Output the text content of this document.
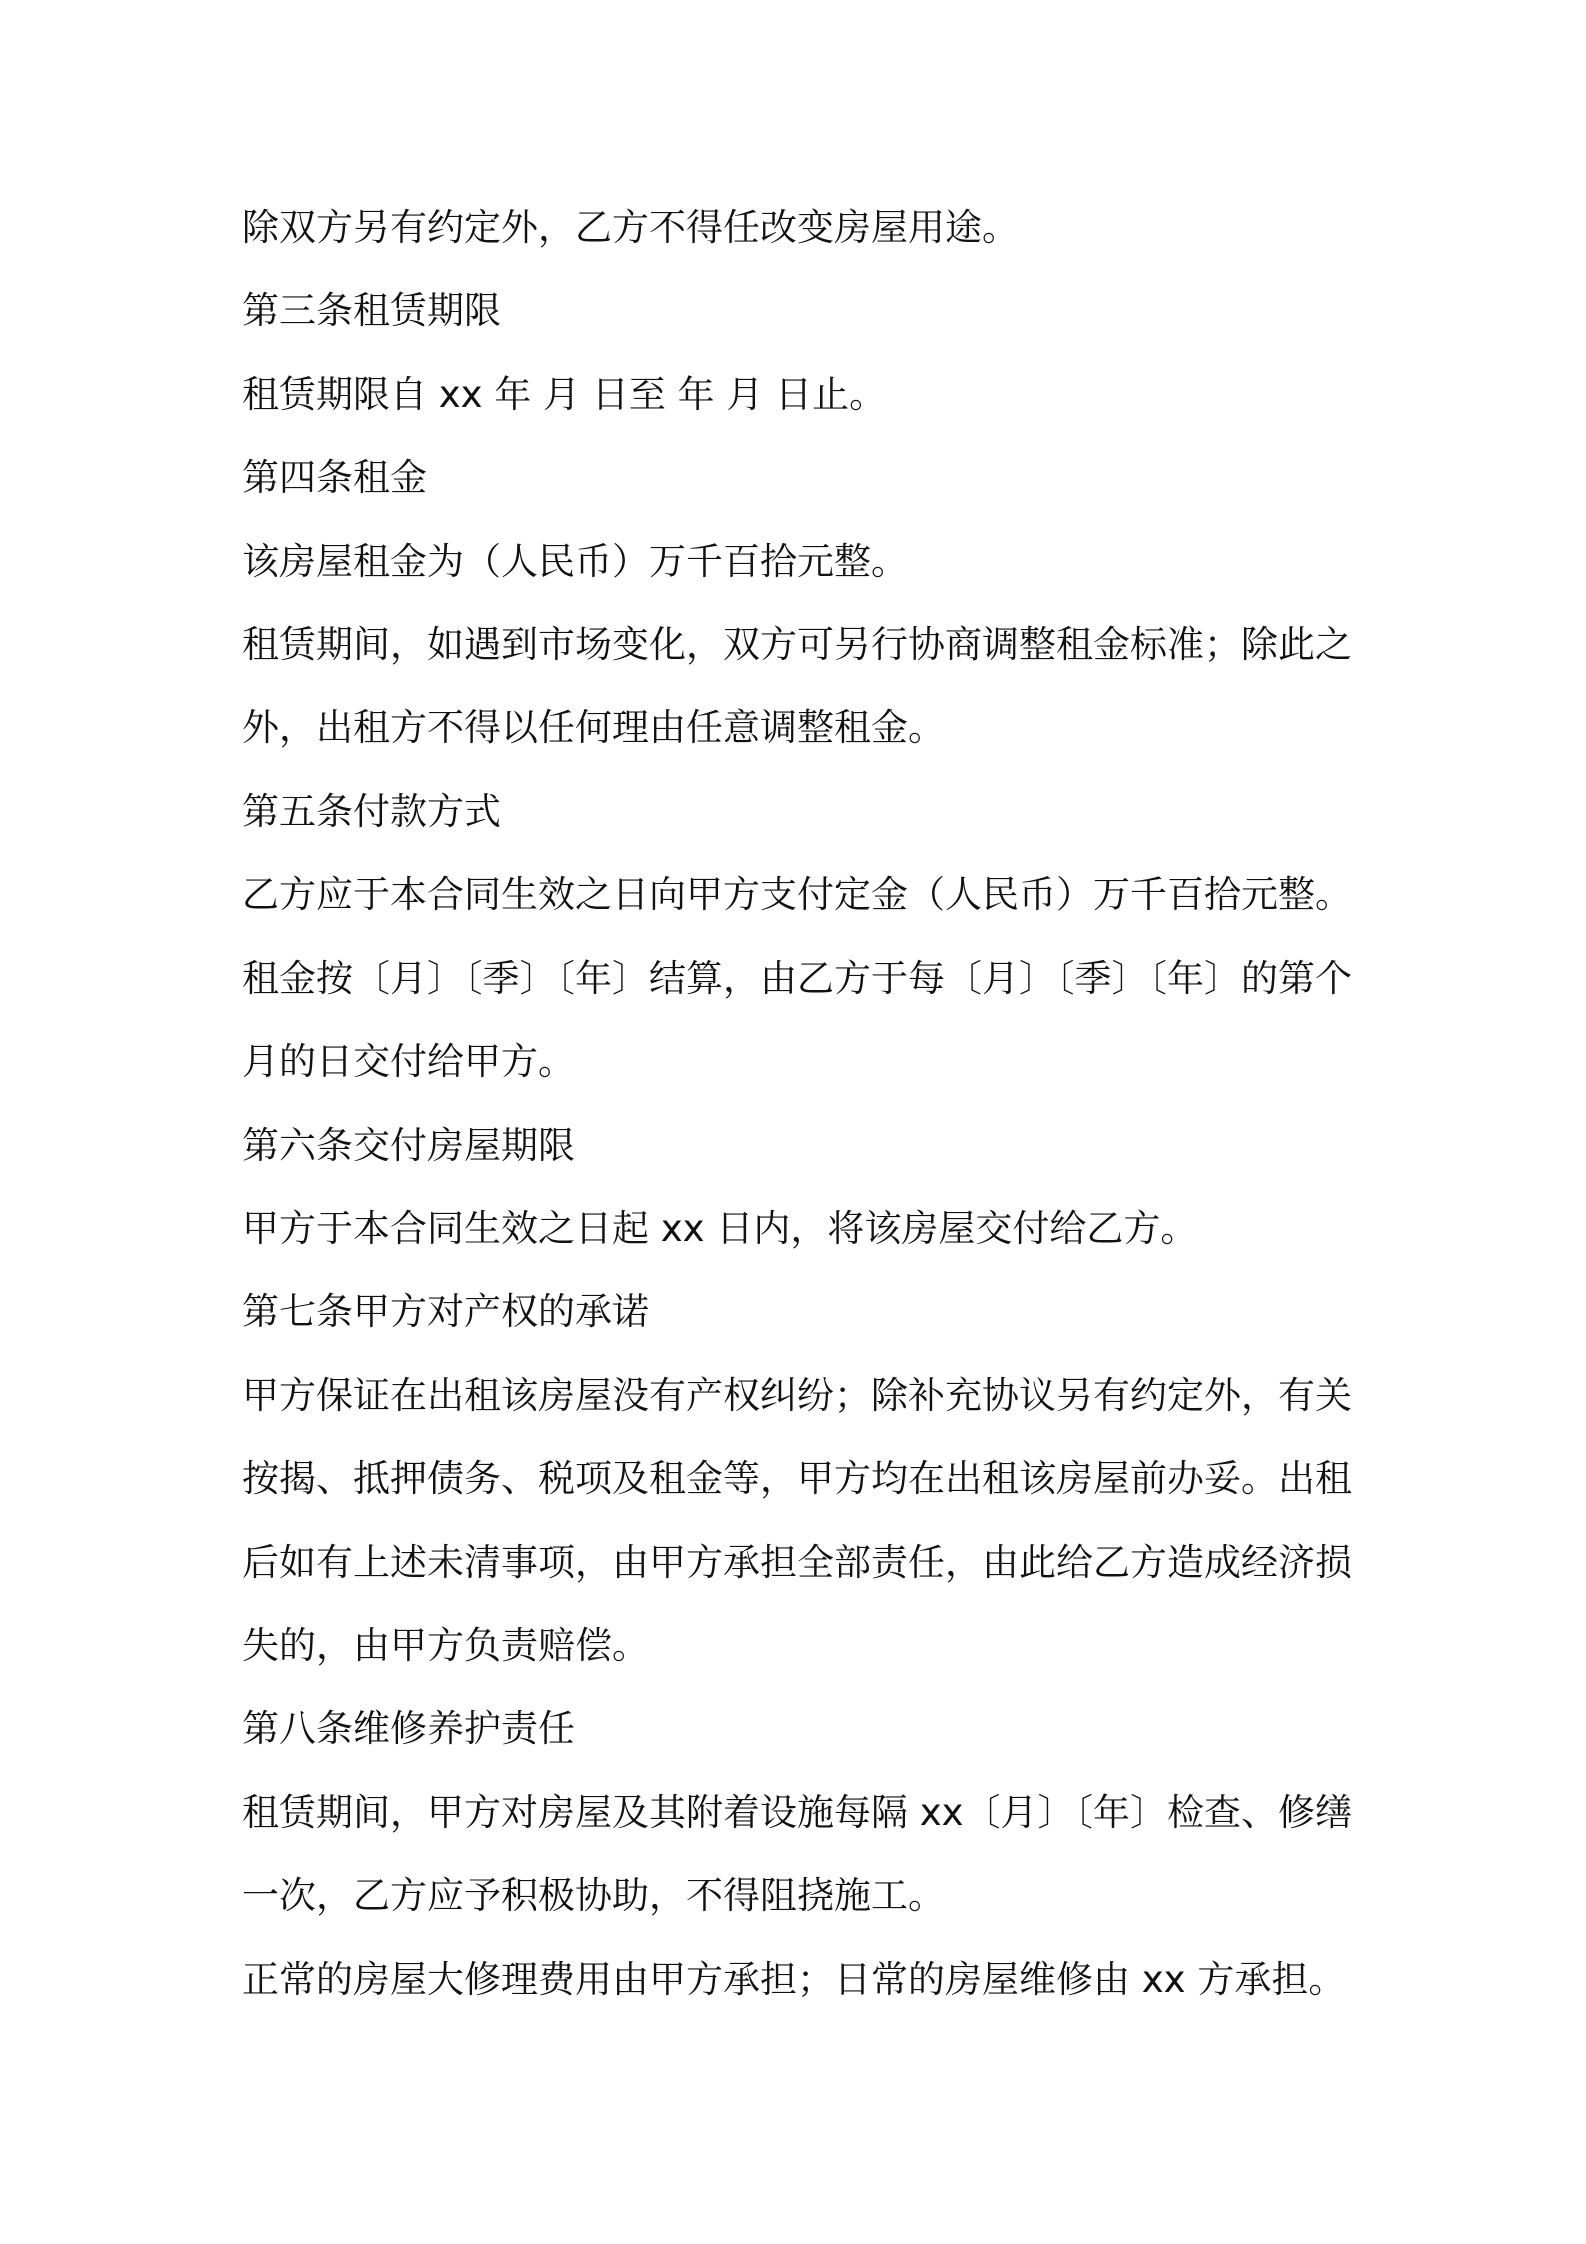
除双方另有约定外，乙方不得任改变房屋用途。
第三条租赁期限
租赁期限自 xx 年 月 日至 年 月 日止。
第四条租金
该房屋租金为（人民币）万千百拾元整。
租赁期间，如遇到市场变化，双方可另行协商调整租金标准；除此之
外，出租方不得以任何理由任意调整租金。
第五条付款方式
乙方应于本合同生效之日向甲方支付定金（人民币）万千百拾元整。
租金按〔月〕〔季〕〔年〕结算，由乙方于每〔月〕〔季〕〔年〕的第个
月的日交付给甲方。
第六条交付房屋期限
甲方于本合同生效之日起 xx 日内，将该房屋交付给乙方。
第七条甲方对产权的承诺
甲方保证在出租该房屋没有产权纠纷；除补充协议另有约定外，有关
按揭、抵押债务、税项及租金等，甲方均在出租该房屋前办妥。出租
后如有上述未清事项，由甲方承担全部责任，由此给乙方造成经济损
失的，由甲方负责赔偿。
第八条维修养护责任
租赁期间，甲方对房屋及其附着设施每隔 xx〔月〕〔年〕检查、修缮
一次，乙方应予积极协助，不得阻挠施工。
正常的房屋大修理费用由甲方承担；日常的房屋维修由 xx 方承担。
